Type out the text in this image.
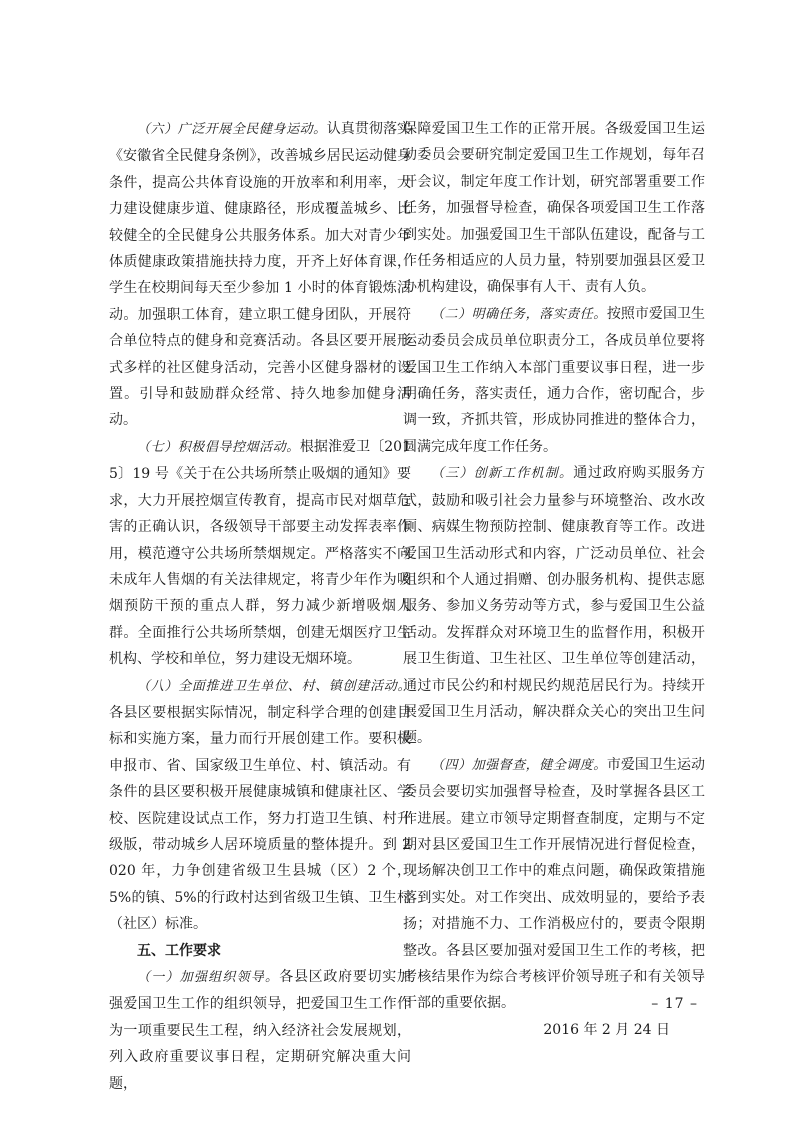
（六）广泛开展全民健身运动。认真贯彻落实《安徽省全民健身条例》，改善城乡居民运动健身条件，提高公共体育设施的开放率和利用率，大力建设健康步道、健康路径，形成覆盖城乡、比较健全的全民健身公共服务体系。加大对青少年体质健康政策措施扶持力度，开齐上好体育课，学生在校期间每天至少参加 1 小时的体育锻炼活动。加强职工体育，建立职工健身团队，开展符合单位特点的健身和竞赛活动。各县区要开展形式多样的社区健身活动，完善小区健身器材的设置。引导和鼓励群众经常、持久地参加健身活动。

（七）积极倡导控烟活动。根据淮爱卫〔2015〕19 号《关于在公共场所禁止吸烟的通知》要求，大力开展控烟宣传教育，提高市民对烟草危害的正确认识，各级领导干部要主动发挥表率作用，模范遵守公共场所禁烟规定。严格落实不向未成年人售烟的有关法律规定，将青少年作为吸烟预防干预的重点人群，努力减少新增吸烟人群。全面推行公共场所禁烟，创建无烟医疗卫生机构、学校和单位，努力建设无烟环境。

（八）全面推进卫生单位、村、镇创建活动。各县区要根据实际情况，制定科学合理的创建目标和实施方案，量力而行开展创建工作。要积极申报市、省、国家级卫生单位、村、镇活动。有条件的县区要积极开展健康城镇和健康社区、学校、医院建设试点工作，努力打造卫生镇、村升级版，带动城乡人居环境质量的整体提升。到 2020 年，力争创建省级卫生县城（区）2 个，5%的镇、5%的行政村达到省级卫生镇、卫生村（社区）标准。

五、工作要求

（一）加强组织领导。各县区政府要切实加强爱国卫生工作的组织领导，把爱国卫生工作作为一项重要民生工程，纳入经济社会发展规划，列入政府重要议事日程，定期研究解决重大问题，

保障爱国卫生工作的正常开展。各级爱国卫生运动委员会要研究制定爱国卫生工作规划，每年召开会议，制定年度工作计划，研究部署重要工作任务，加强督导检查，确保各项爱国卫生工作落到实处。加强爱国卫生干部队伍建设，配备与工作任务相适应的人员力量，特别要加强县区爱卫办机构建设，确保事有人干、责有人负。

（二）明确任务，落实责任。按照市爱国卫生运动委员会成员单位职责分工，各成员单位要将爱国卫生工作纳入本部门重要议事日程，进一步明确任务，落实责任，通力合作，密切配合，步调一致，齐抓共管，形成协同推进的整体合力，圆满完成年度工作任务。

（三）创新工作机制。通过政府购买服务方式，鼓励和吸引社会力量参与环境整治、改水改厕、病媒生物预防控制、健康教育等工作。改进爱国卫生活动形式和内容，广泛动员单位、社会组织和个人通过捐赠、创办服务机构、提供志愿服务、参加义务劳动等方式，参与爱国卫生公益活动。发挥群众对环境卫生的监督作用，积极开展卫生街道、卫生社区、卫生单位等创建活动，通过市民公约和村规民约规范居民行为。持续开展爱国卫生月活动，解决群众关心的突出卫生问题。

（四）加强督查，健全调度。市爱国卫生运动委员会要切实加强督导检查，及时掌握各县区工作进展。建立市领导定期督查制度，定期与不定期对县区爱国卫生工作开展情况进行督促检查，现场解决创卫工作中的难点问题，确保政策措施落到实处。对工作突出、成效明显的，要给予表扬；对措施不力、工作消极应付的，要责令限期整改。各县区要加强对爱国卫生工作的考核，把考核结果作为综合考核评价领导班子和有关领导干部的重要依据。

2016 年 2 月 24 日

– 17 –
